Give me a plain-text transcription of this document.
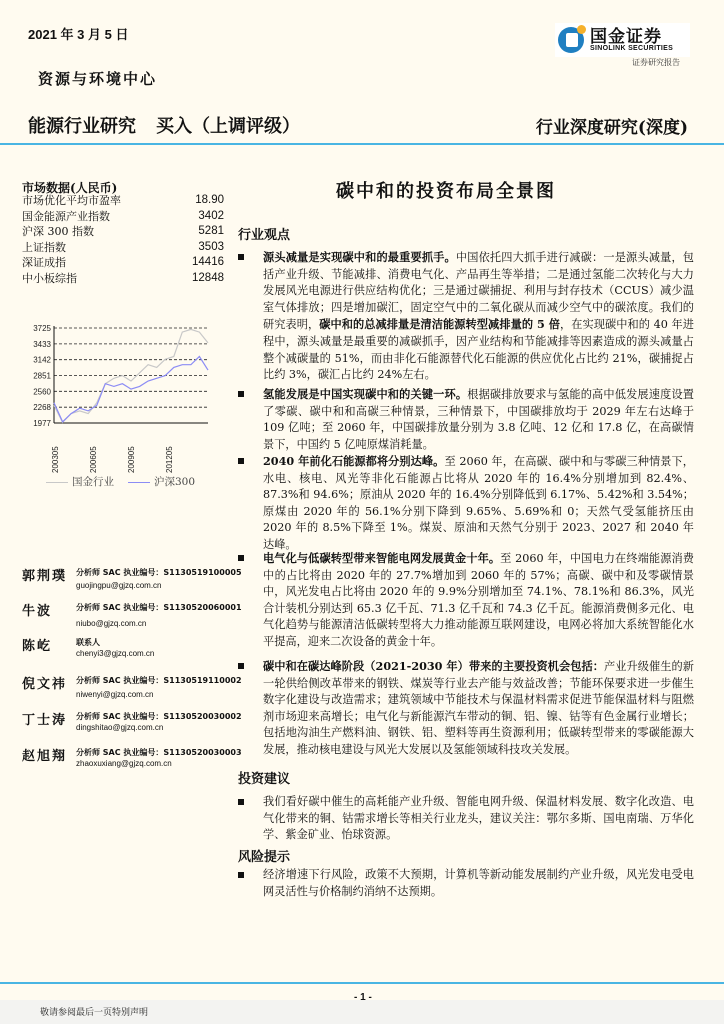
2021 年 3 月 5 日
资源与环境中心
能源行业研究 买入（上调评级）	行业深度研究(深度)
国金证券
SINOLINK SECURITIES
证券研究报告
市场数据(人民币)
市场优化平均市盈率	18.90
国金能源产业指数	3402
沪深 300 指数	5281
上证指数	3503
深证成指	14416
中小板综指	12848
3725
3433
3142
2851
2560
2268
1977
200305	200605	200905	201205
国金行业	沪深300
郭荆璞 分析师 SAC 执业编号：S1130519100005
guojingpu@gjzq.com.cn
牛波	分析师 SAC 执业编号：S1130520060001
niubo@gjzq.com.cn
陈屹	联系人
chenyi3@gjzq.com.cn
倪文祎 分析师 SAC 执业编号：S1130519110002
niwenyi@gjzq.com.cn
丁士涛 分析师 SAC 执业编号：S1130520030002
dingshitao@gjzq.com.cn
赵旭翔 分析师 SAC 执业编号：S1130520030003
zhaoxuxiang@gjzq.com.cn
碳中和的投资布局全景图
行业观点
源头减量是实现碳中和的最重要抓手。中国依托四大抓手进行减碳：一是源头减量，包括产业升级、节能减排、消费电气化、产品再生等举措；二是通过氢能二次转化与大力发展风光电源进行供应结构优化；三是通过碳捕捉、利用与封存技术（CCUS）减少温室气体排放；四是增加碳汇，固定空气中的二氧化碳从而减少空气中的碳浓度。我们的研究表明，碳中和的总减排量是清洁能源转型减排量的 5 倍，在实现碳中和的 40 年进程中，源头减量是最重要的减碳抓手，因产业结构和节能减排等因素造成的源头减量占整个减碳量的 51%，而由非化石能源替代化石能源的供应优化占比约 21%，碳捕捉占比约 3%，碳汇占比约 24%左右。
氢能发展是中国实现碳中和的关键一环。根据碳排放要求与氢能的高中低发展速度设置了零碳、碳中和和高碳三种情景，三种情景下，中国碳排放均于 2029 年左右达峰于 109 亿吨；至 2060 年，中国碳排放量分别为 3.8 亿吨、12 亿和 17.8 亿，在高碳情景下，中国约 5 亿吨原煤消耗量。
2040 年前化石能源都将分别达峰。至 2060 年，在高碳、碳中和与零碳三种情景下，水电、核电、风光等非化石能源占比将从 2020 年的 16.4%分别增加到 82.4%、87.3%和 94.6%；原油从 2020 年的 16.4%分别降低到 6.17%、5.42%和 3.54%；原煤由 2020 年的 56.1%分别下降到 9.65%、5.69%和 0；天然气受氢能挤压由 2020 年的 8.5%下降至 1%。煤炭、原油和天然气分别于 2023、2027 和 2040 年达峰。
电气化与低碳转型带来智能电网发展黄金十年。至 2060 年，中国电力在终端能源消费中的占比将由 2020 年的 27.7%增加到 2060 年的 57%；高碳、碳中和及零碳情景中，风光发电占比将由 2020 年的 9.9%分别增加至 74.1%、78.1%和 86.3%，风光合计装机分别达到 65.3 亿千瓦、71.3 亿千瓦和 74.3 亿千瓦。能源消费侧多元化、电气化趋势与能源清洁低碳转型将大力推动能源互联网建设，电网必将加大系统智能化水平提高，迎来二次设备的黄金十年。
碳中和在碳达峰阶段（2021-2030 年）带来的主要投资机会包括：产业升级催生的新一轮供给侧改革带来的钢铁、煤炭等行业去产能与效益改善；节能环保要求进一步催生数字化建设与改造需求；建筑领域中节能技术与保温材料需求促进节能保温材料与阻燃剂市场迎来高增长；电气化与新能源汽车带动的铜、铝、镍、钴等有色金属行业增长；包括地沟油生产燃料油、钢铁、铝、塑料等再生资源利用；低碳转型带来的零碳能源大发展，推动核电建设与风光大发展以及氢能领域科技攻关发展。
投资建议
我们看好碳中催生的高耗能产业升级、智能电网升级、保温材料发展、数字化改造、电气化带来的铜、钴需求增长等相关行业龙头，建议关注：鄂尔多斯、国电南瑞、万华化学、紫金矿业、怡球资源。
风险提示
经济增速下行风险，政策不大预期，计算机等新动能发展制约产业升级，风光发电受电网灵活性与价格制约消纳不达预期。
- 1 -
敬请参阅最后一页特别声明
